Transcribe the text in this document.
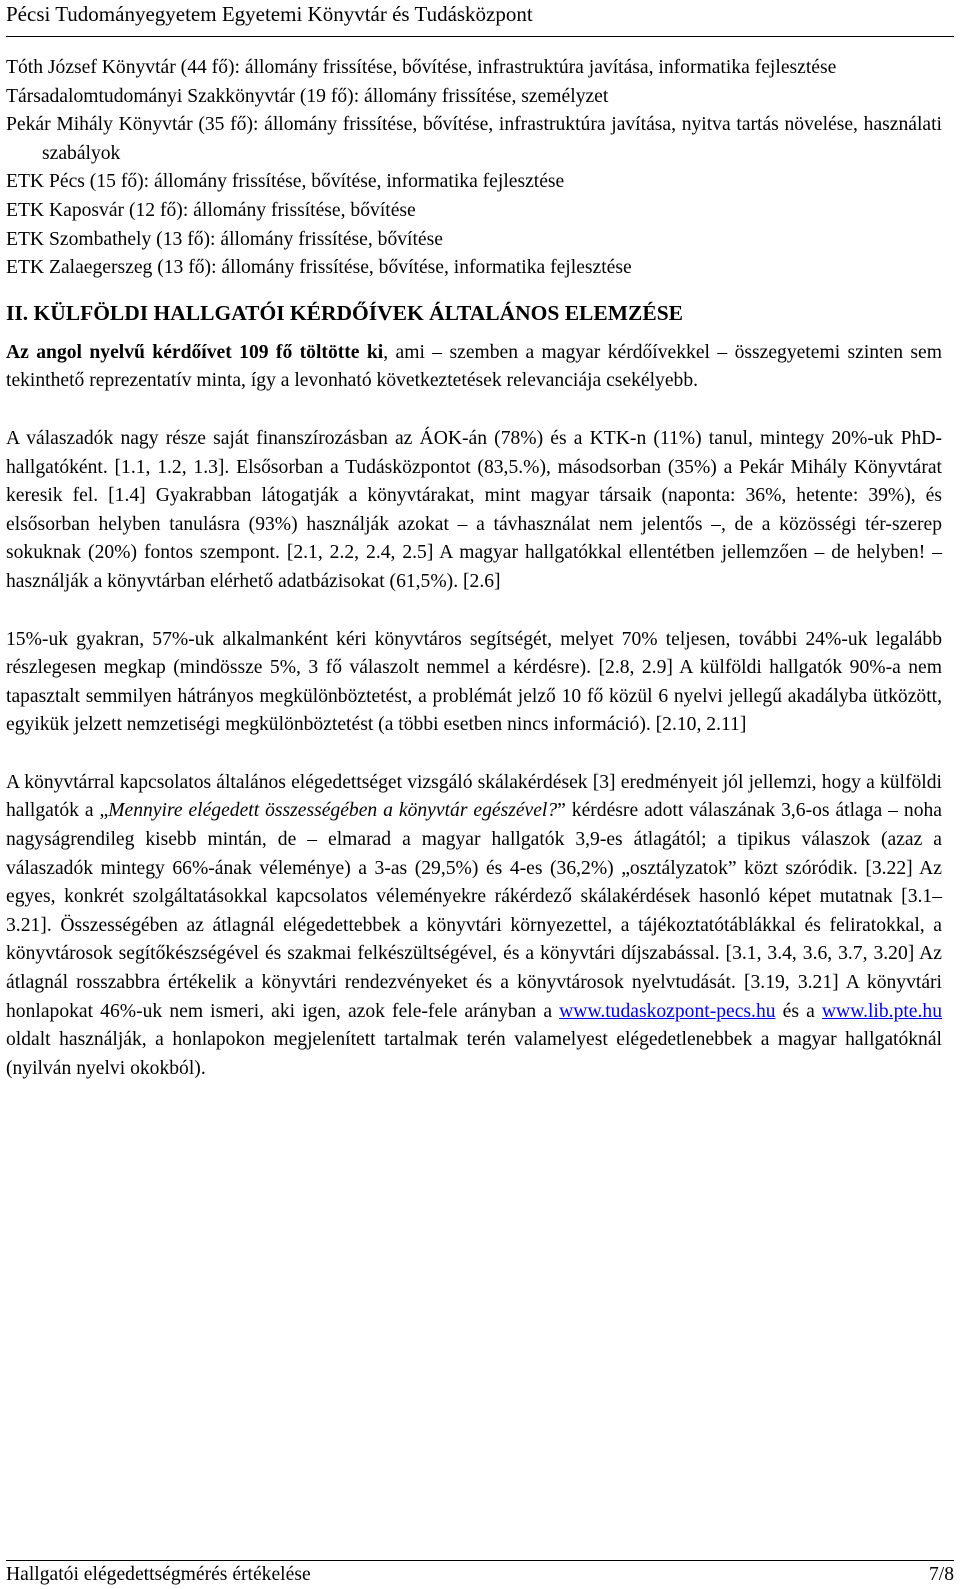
Pécsi Tudományegyetem Egyetemi Könyvtár és Tudásközpont

Tóth József Könyvtár (44 fő): állomány frissítése, bővítése, infrastruktúra javítása, informatika fejlesztése

Társadalomtudományi Szakkönyvtár (19 fő): állomány frissítése, személyzet

Pekár Mihály Könyvtár (35 fő): állomány frissítése, bővítése, infrastruktúra javítása, nyitva tartás növelése, használati szabályok

ETK Pécs (15 fő): állomány frissítése, bővítése, informatika fejlesztése

ETK Kaposvár (12 fő): állomány frissítése, bővítése

ETK Szombathely (13 fő): állomány frissítése, bővítése

ETK Zalaegerszeg (13 fő): állomány frissítése, bővítése, informatika fejlesztése

II. KÜLFÖLDI HALLGATÓI KÉRDŐÍVEK ÁLTALÁNOS ELEMZÉSE

Az angol nyelvű kérdőívet 109 fő töltötte ki, ami – szemben a magyar kérdőívekkel – összegyetemi szinten sem tekinthető reprezentatív minta, így a levonható következtetések relevanciája csekélyebb.

A válaszadók nagy része saját finanszírozásban az ÁOK-án (78%) és a KTK-n (11%) tanul, mintegy 20%-uk PhD-hallgatóként. [1.1, 1.2, 1.3]. Elsősorban a Tudásközpontot (83,5.%), másodsorban (35%) a Pekár Mihály Könyvtárat keresik fel. [1.4] Gyakrabban látogatják a könyvtárakat, mint magyar társaik (naponta: 36%, hetente: 39%), és elsősorban helyben tanulásra (93%) használják azokat – a távhasználat nem jelentős –, de a közösségi tér-szerep sokuknak (20%) fontos szempont. [2.1, 2.2, 2.4, 2.5] A magyar hallgatókkal ellentétben jellemzően – de helyben! – használják a könyvtárban elérhető adatbázisokat (61,5%). [2.6]

15%-uk gyakran, 57%-uk alkalmanként kéri könyvtáros segítségét, melyet 70% teljesen, további 24%-uk legalább részlegesen megkap (mindössze 5%, 3 fő válaszolt nemmel a kérdésre). [2.8, 2.9] A külföldi hallgatók 90%-a nem tapasztalt semmilyen hátrányos megkülönböztetést, a problémát jelző 10 fő közül 6 nyelvi jellegű akadályba ütközött, egyikük jelzett nemzetiségi megkülönböztetést (a többi esetben nincs információ). [2.10, 2.11]

A könyvtárral kapcsolatos általános elégedettséget vizsgáló skálakérdések [3] eredményeit jól jellemzi, hogy a külföldi hallgatók a „Mennyire elégedett összességében a könyvtár egészével?” kérdésre adott válaszának 3,6-os átlaga – noha nagyságrendileg kisebb mintán, de – elmarad a magyar hallgatók 3,9-es átlagától; a tipikus válaszok (azaz a válaszadók mintegy 66%-ának véleménye) a 3-as (29,5%) és 4-es (36,2%) „osztályzatok” közt szóródik. [3.22] Az egyes, konkrét szolgáltatásokkal kapcsolatos véleményekre rákérdező skálakérdések hasonló képet mutatnak [3.1–3.21]. Összességében az átlagnál elégedettebbek a könyvtári környezettel, a tájékoztatótáblákkal és feliratokkal, a könyvtárosok segítőkészségével és szakmai felkészültségével, és a könyvtári díjszabással. [3.1, 3.4, 3.6, 3.7, 3.20] Az átlagnál rosszabbra értékelik a könyvtári rendezvényeket és a könyvtárosok nyelvtudását. [3.19, 3.21] A könyvtári honlapokat 46%-uk nem ismeri, aki igen, azok fele-fele arányban a www.tudaskozpont-pecs.hu és a www.lib.pte.hu oldalt használják, a honlapokon megjelenített tartalmak terén valamelyest elégedetlenebbek a magyar hallgatóknál (nyilván nyelvi okokból).

Hallgatói elégedettségmérés értékelése	7/8
